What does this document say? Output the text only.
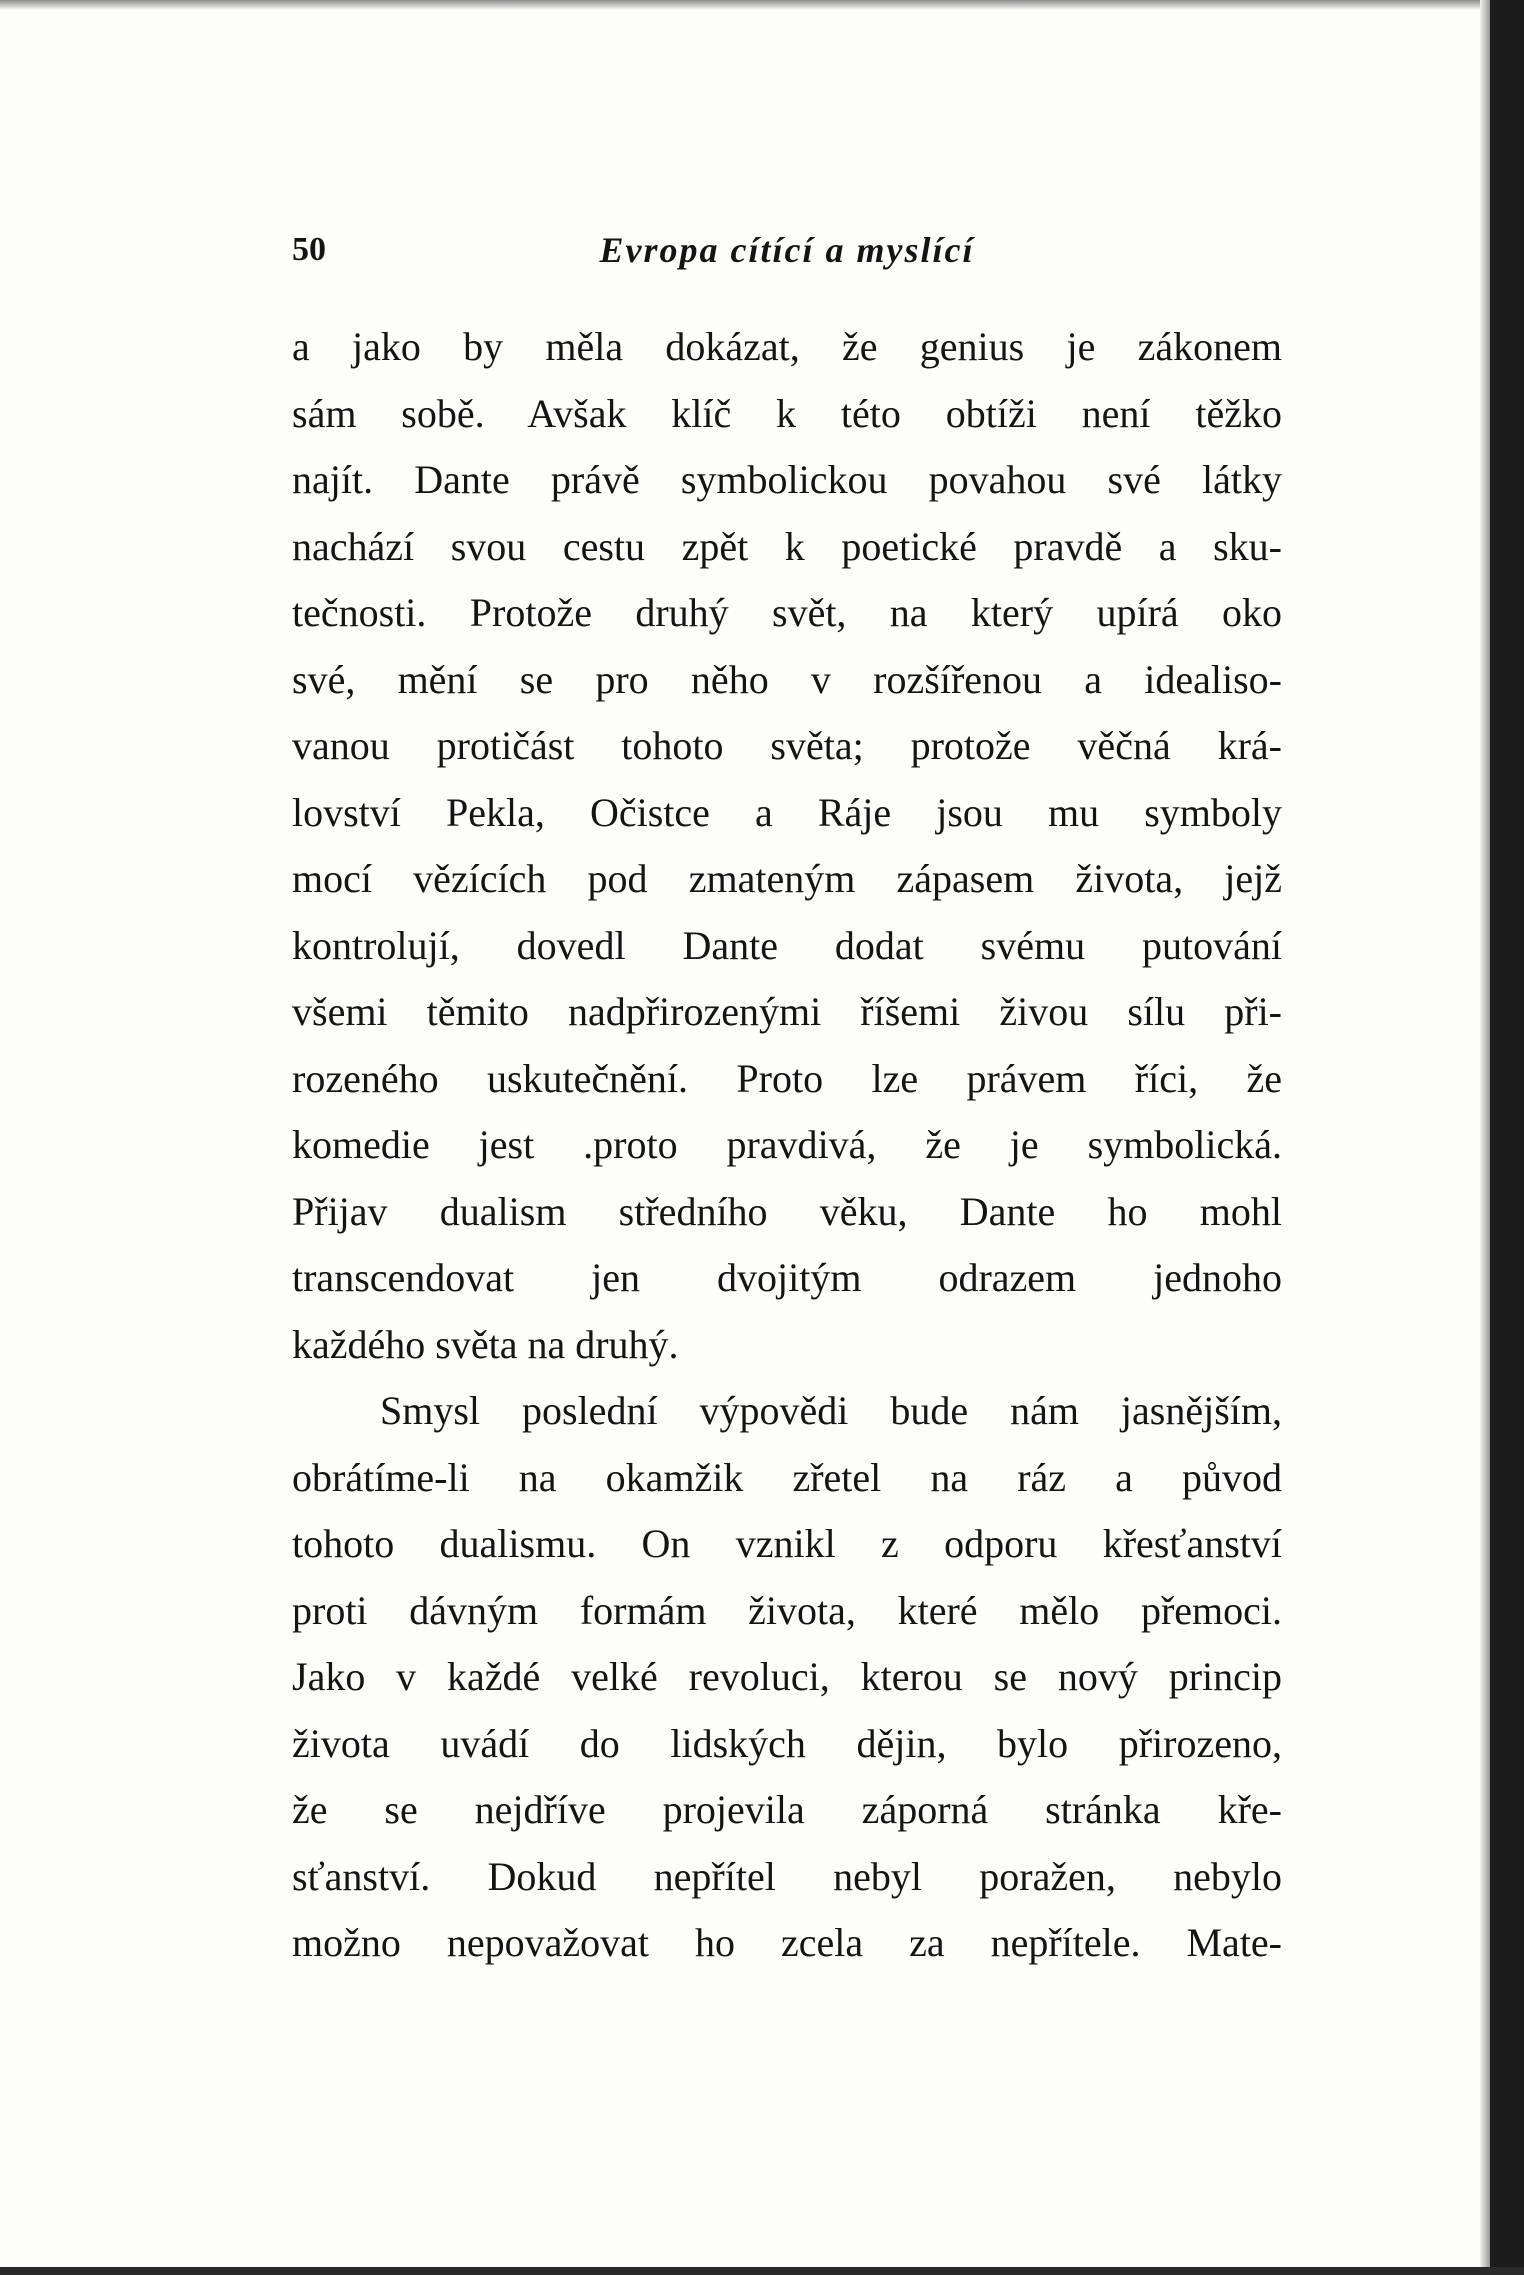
50	Evropa cítící a myslící
a jako by měla dokázat, že genius je zákonem
sám sobě. Avšak klíč k této obtíži není těžko
najít. Dante právě symbolickou povahou své látky
nachází svou cestu zpět k poetické pravdě a sku-
tečnosti. Protože druhý svět, na který upírá oko
své, mění se pro něho v rozšířenou a idealiso-
vanou protičást tohoto světa; protože věčná krá-
lovství Pekla, Očistce a Ráje jsou mu symboly
mocí vězících pod zmateným zápasem života, jejž
kontrolují, dovedl Dante dodat svému putování
všemi těmito nadpřirozenými říšemi živou sílu při-
rozeného uskutečnění. Proto lze právem říci, že
komedie jest .proto pravdivá, že je symbolická.
Přijav dualism středního věku, Dante ho mohl
transcendovat jen dvojitým odrazem jednoho
každého světa na druhý.
Smysl poslední výpovědi bude nám jasnějším,
obrátíme-li na okamžik zřetel na ráz a původ
tohoto dualismu. On vznikl z odporu křesťanství
proti dávným formám života, které mělo přemoci.
Jako v každé velké revoluci, kterou se nový princip
života uvádí do lidských dějin, bylo přirozeno,
že se nejdříve projevila záporná stránka kře-
sťanství. Dokud nepřítel nebyl poražen, nebylo
možno nepovažovat ho zcela za nepřítele. Mate-
